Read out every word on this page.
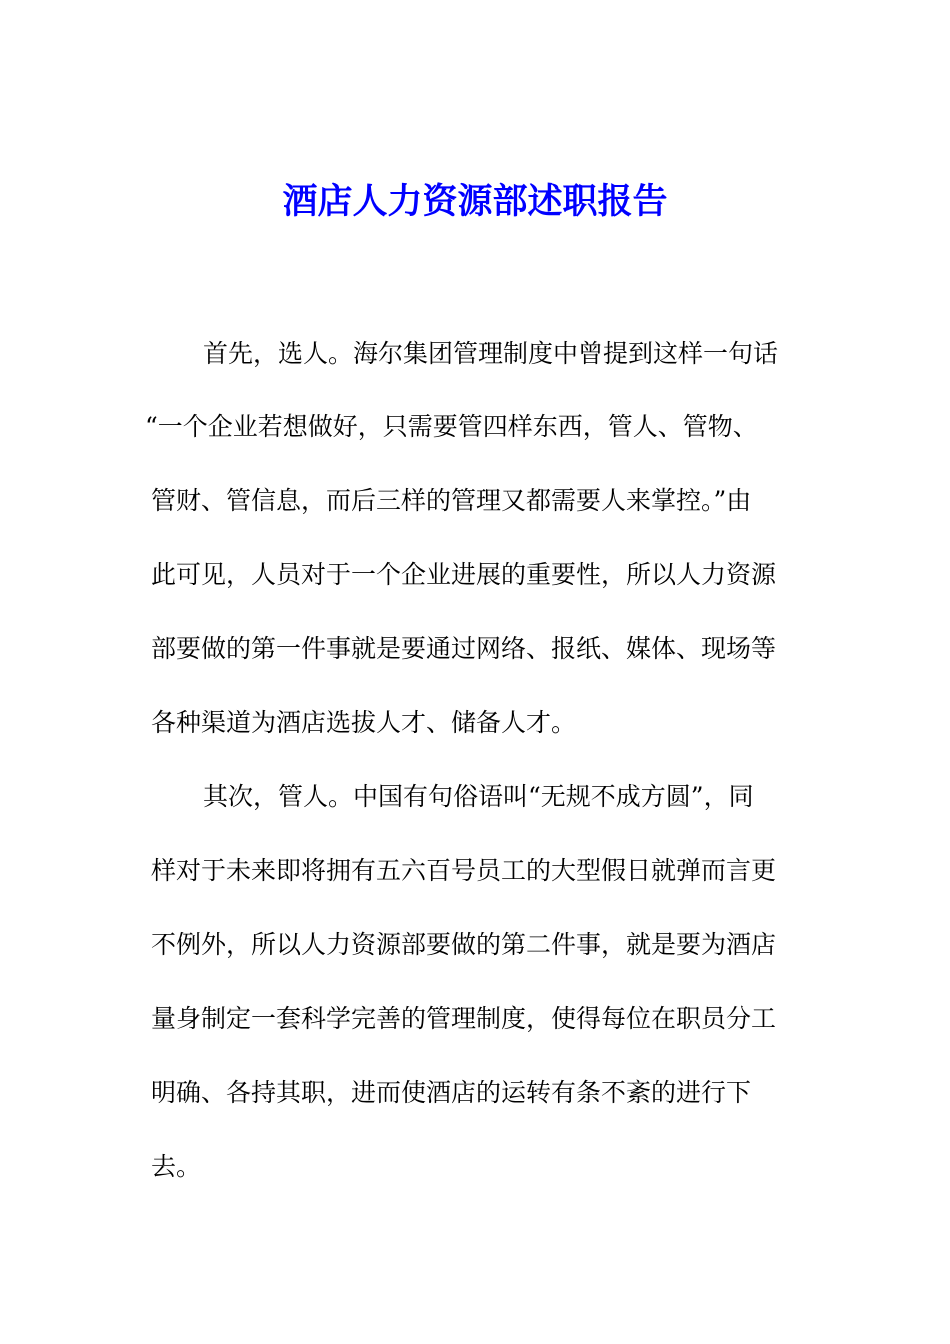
酒店人力资源部述职报告
首先，选人。海尔集团管理制度中曾提到这样一句话
“一个企业若想做好，只需要管四样东西，管人、管物、
管财、管信息，而后三样的管理又都需要人来掌控。”由
此可见，人员对于一个企业进展的重要性，所以人力资源
部要做的第一件事就是要通过网络、报纸、媒体、现场等
各种渠道为酒店选拔人才、储备人才。
其次，管人。中国有句俗语叫“无规不成方圆”，同
样对于未来即将拥有五六百号员工的大型假日就弹而言更
不例外，所以人力资源部要做的第二件事，就是要为酒店
量身制定一套科学完善的管理制度，使得每位在职员分工
明确、各持其职，进而使酒店的运转有条不紊的进行下
去。
